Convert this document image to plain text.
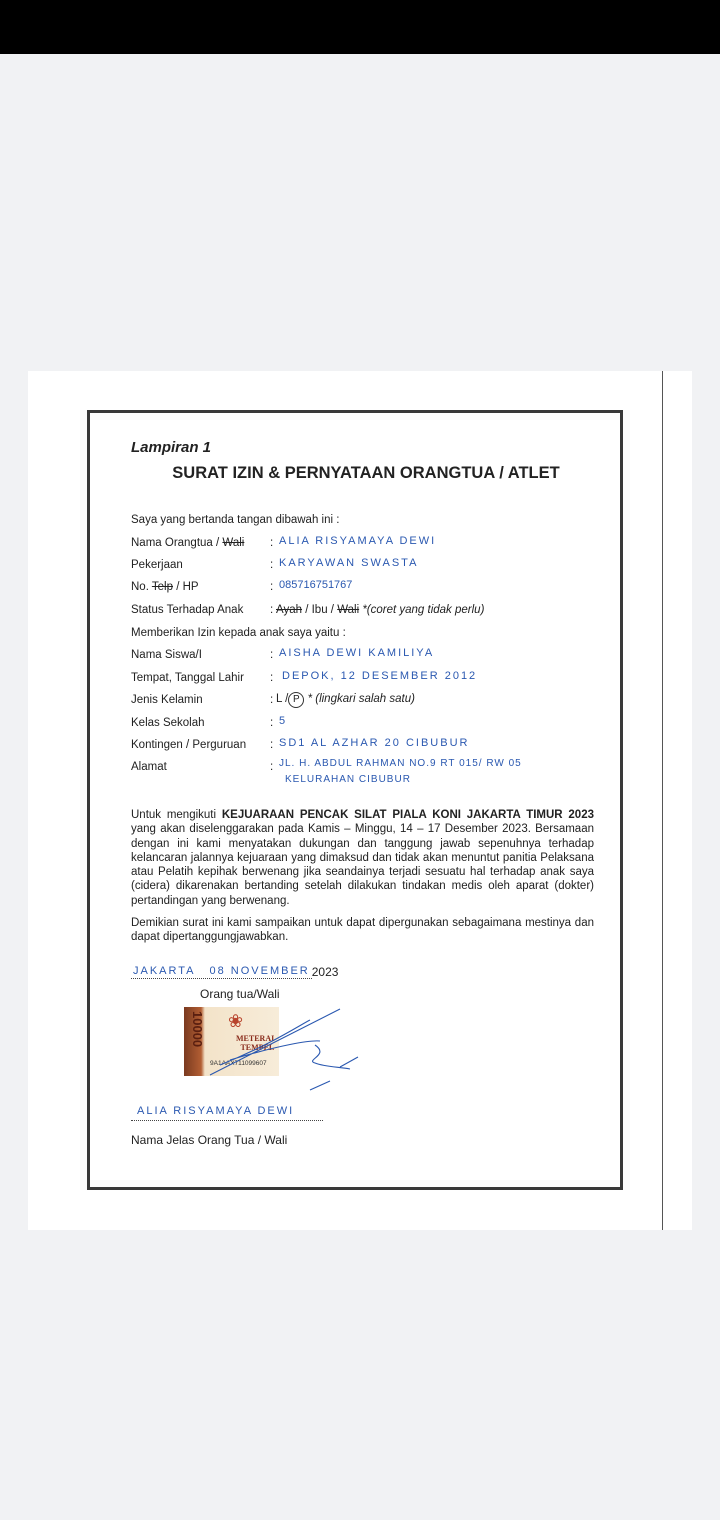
Lampiran 1
SURAT IZIN & PERNYATAAN ORANGTUA / ATLET
Saya yang bertanda tangan dibawah ini :
Nama Orangtua / Wali : ALIA RISYAMAYA DEWI
Pekerjaan	: KARYAWAN SWASTA
No. Telp / HP	: 085716751767
Status Terhadap Anak : Ayah / Ibu / Wali *(coret yang tidak perlu)
Memberikan Izin kepada anak saya yaitu :
Nama Siswa/I	: AISHA DEWI KAMILIYA
Tempat, Tanggal Lahir : DEPOK, 12 DESEMBER 2012
Jenis Kelamin	: L / P * (lingkari salah satu)
Kelas Sekolah	: 5
Kontingen / Perguruan : SD1 AL AZHAR 20 CIBUBUR
Alamat	: JL. H. ABDUL RAHMAN NO.9 RT 015/ RW 05
KELURAHAN CIBUBUR

Untuk mengikuti KEJUARAAN PENCAK SILAT PIALA KONI JAKARTA TIMUR 2023 yang akan diselenggarakan pada Kamis – Minggu, 14 – 17 Desember 2023. Bersamaan dengan ini kami menyatakan dukungan dan tanggung jawab sepenuhnya terhadap kelancaran jalannya kejuaraan yang dimaksud dan tidak akan menuntut panitia Pelaksana atau Pelatih kepihak berwenang jika seandainya terjadi sesuatu hal terhadap anak saya (cidera) dikarenakan bertanding setelah dilakukan tindakan medis oleh aparat (dokter) pertandingan yang berwenang.

Demikian surat ini kami sampaikan untuk dapat dipergunakan sebagaimana mestinya dan dapat dipertanggungjawabkan.

JAKARTA 08 NOVEMBER 2023
Orang tua/Wali
10000 ❀
METERAI
TEMPEL
9A1AAX711099607
ALIA RISYAMAYA DEWI
Nama Jelas Orang Tua / Wali
